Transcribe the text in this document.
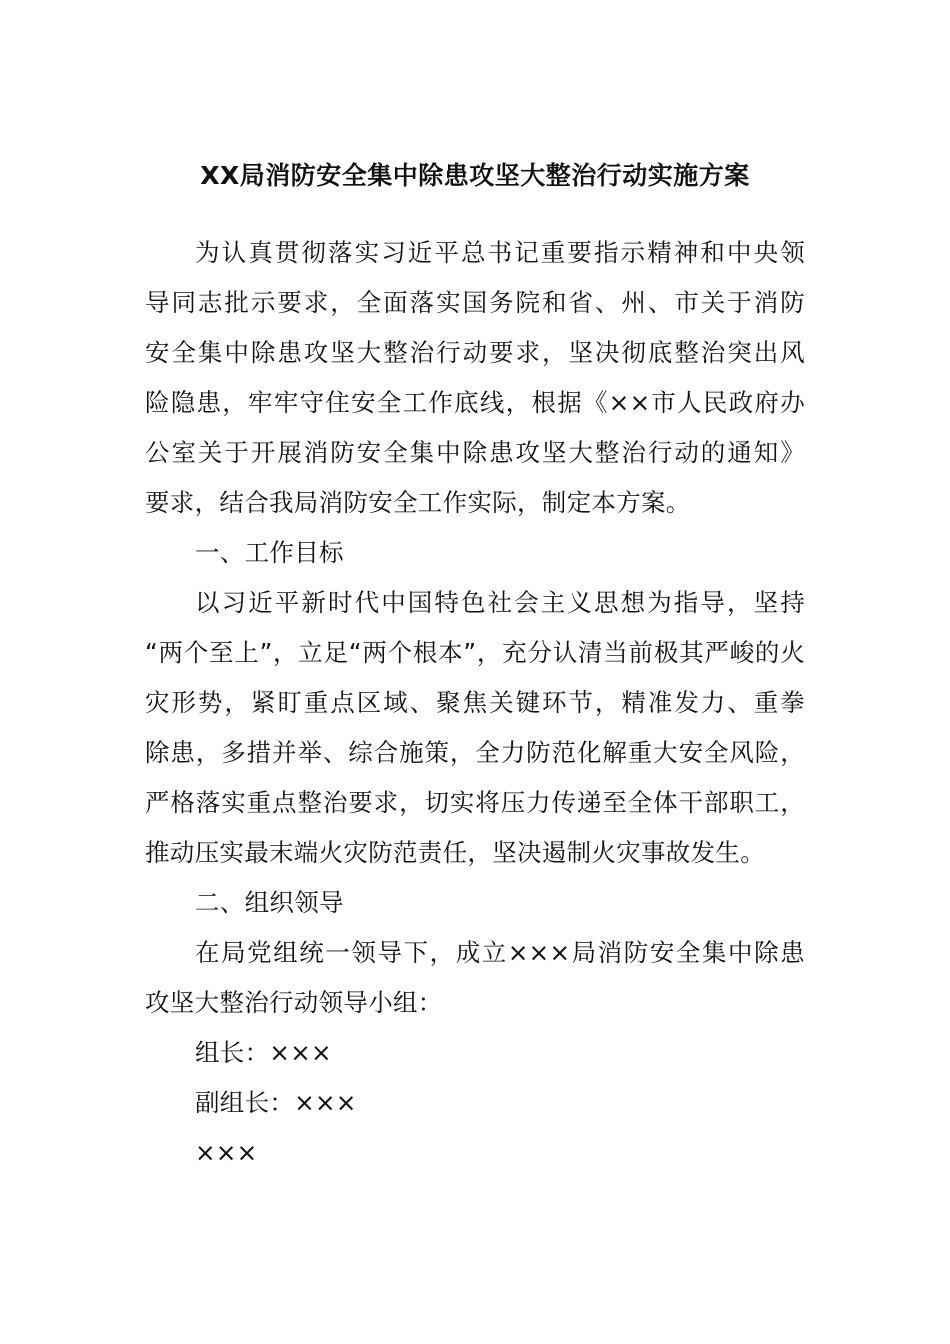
XX局消防安全集中除患攻坚大整治行动实施方案
为认真贯彻落实习近平总书记重要指示精神和中央领
导同志批示要求，全面落实国务院和省、州、市关于消防
安全集中除患攻坚大整治行动要求，坚决彻底整治突出风
险隐患，牢牢守住安全工作底线，根据《××市人民政府办
公室关于开展消防安全集中除患攻坚大整治行动的通知》
要求，结合我局消防安全工作实际，制定本方案。
一、工作目标
以习近平新时代中国特色社会主义思想为指导，坚持
“两个至上”，立足“两个根本”，充分认清当前极其严峻的火
灾形势，紧盯重点区域、聚焦关键环节，精准发力、重拳
除患，多措并举、综合施策，全力防范化解重大安全风险，
严格落实重点整治要求，切实将压力传递至全体干部职工，
推动压实最末端火灾防范责任，坚决遏制火灾事故发生。
二、组织领导
在局党组统一领导下，成立×××局消防安全集中除患
攻坚大整治行动领导小组：
组长：×××
副组长：×××
×××
